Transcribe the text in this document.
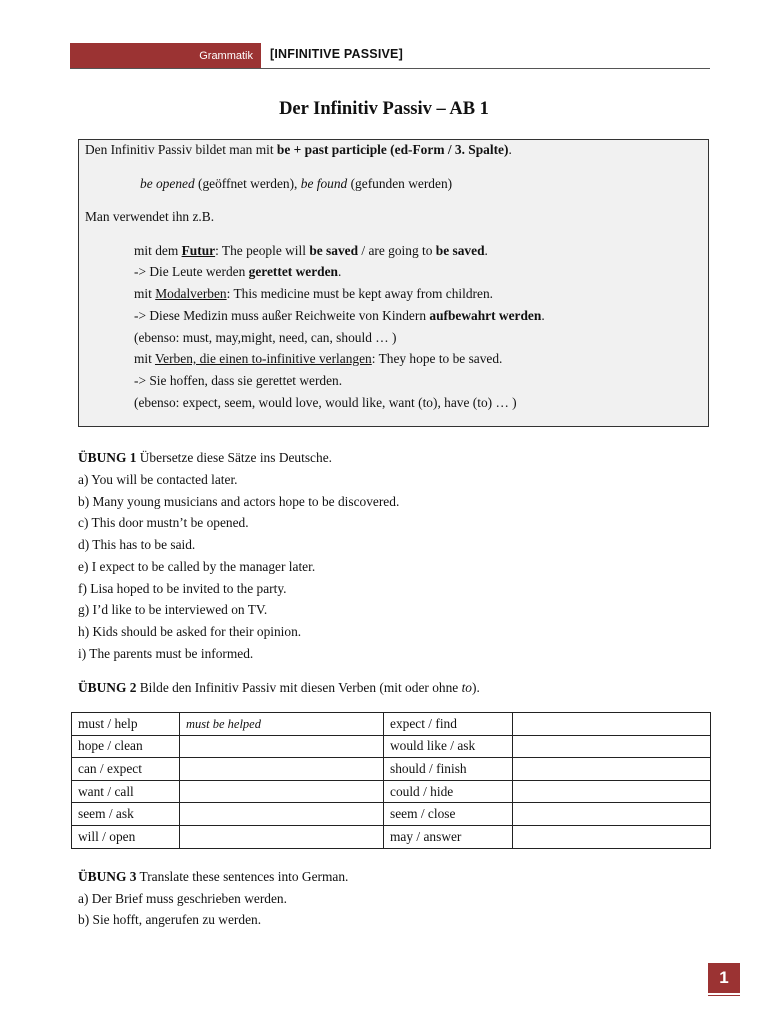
Grammatik [INFINITIVE PASSIVE]
Der Infinitiv Passiv – AB 1
Den Infinitiv Passiv bildet man mit be + past participle (ed-Form / 3. Spalte).
be opened (geöffnet werden), be found (gefunden werden)
Man verwendet ihn z.B.
mit dem Futur: The people will be saved / are going to be saved.
-> Die Leute werden gerettet werden.
mit Modalverben: This medicine must be kept away from children.
-> Diese Medizin muss außer Reichweite von Kindern aufbewahrt werden.
(ebenso: must, may,might, need, can, should … )
mit Verben, die einen to-infinitive verlangen: They hope to be saved.
-> Sie hoffen, dass sie gerettet werden.
(ebenso: expect, seem, would love, would like, want (to), have (to) … )
ÜBUNG 1 Übersetze diese Sätze ins Deutsche.
a) You will be contacted later.
b) Many young musicians and actors hope to be discovered.
c) This door mustn’t be opened.
d) This has to be said.
e) I expect to be called by the manager later.
f) Lisa hoped to be invited to the party.
g) I’d like to be interviewed on TV.
h) Kids should be asked for their opinion.
i) The parents must be informed.
ÜBUNG 2 Bilde den Infinitiv Passiv mit diesen Verben (mit oder ohne to).
must / help	must be helped	expect / find	
hope / clean		would like / ask	
can / expect		should / finish	
want / call		could / hide	
seem / ask		seem / close	
will / open		may / answer	
ÜBUNG 3 Translate these sentences into German.
a) Der Brief muss geschrieben werden.
b) Sie hofft, angerufen zu werden.
1
